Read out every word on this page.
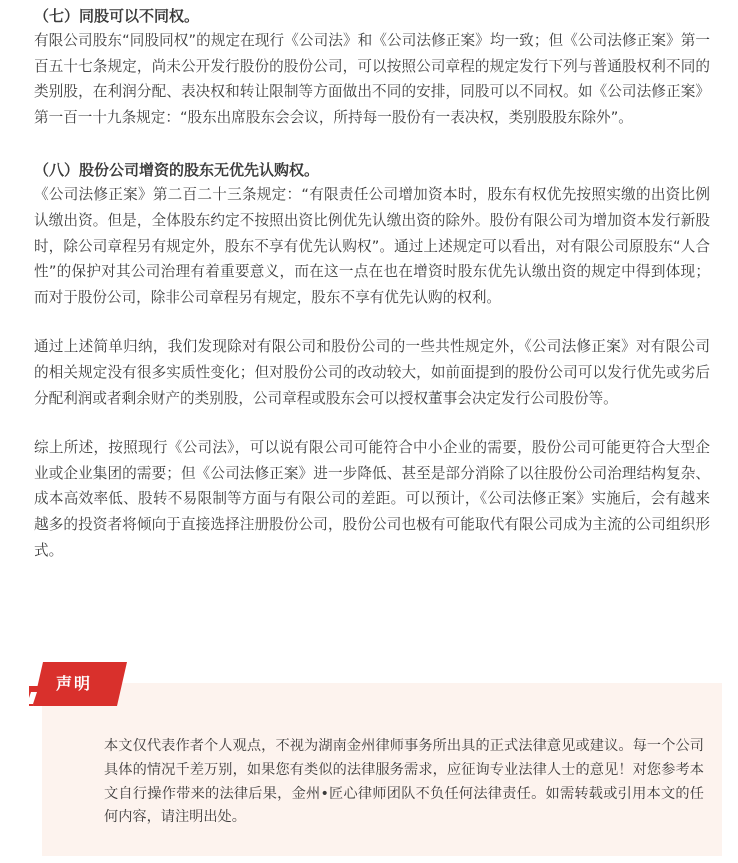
（七）同股可以不同权。

有限公司股东“同股同权”的规定在现行《公司法》和《公司法修正案》均一致；但《公司法修正案》第一百五十七条规定，尚未公开发行股份的股份公司，可以按照公司章程的规定发行下列与普通股权利不同的类别股，在利润分配、表决权和转让限制等方面做出不同的安排，同股可以不同权。如《公司法修正案》第一百一十九条规定：“股东出席股东会会议，所持每一股份有一表决权，类别股股东除外”。

（八）股份公司增资的股东无优先认购权。

《公司法修正案》第二百二十三条规定：“有限责任公司增加资本时，股东有权优先按照实缴的出资比例认缴出资。但是，全体股东约定不按照出资比例优先认缴出资的除外。股份有限公司为增加资本发行新股时，除公司章程另有规定外，股东不享有优先认购权”。通过上述规定可以看出，对有限公司原股东“人合性”的保护对其公司治理有着重要意义，而在这一点在也在增资时股东优先认缴出资的规定中得到体现；而对于股份公司，除非公司章程另有规定，股东不享有优先认购的权利。

通过上述简单归纳，我们发现除对有限公司和股份公司的一些共性规定外，《公司法修正案》对有限公司的相关规定没有很多实质性变化；但对股份公司的改动较大，如前面提到的股份公司可以发行优先或劣后分配利润或者剩余财产的类别股，公司章程或股东会可以授权董事会决定发行公司股份等。

综上所述，按照现行《公司法》，可以说有限公司可能符合中小企业的需要，股份公司可能更符合大型企业或企业集团的需要；但《公司法修正案》进一步降低、甚至是部分消除了以往股份公司治理结构复杂、成本高效率低、股转不易限制等方面与有限公司的差距。可以预计，《公司法修正案》实施后，会有越来越多的投资者将倾向于直接选择注册股份公司，股份公司也极有可能取代有限公司成为主流的公司组织形式。

声明
本文仅代表作者个人观点，不视为湖南金州律师事务所出具的正式法律意见或建议。每一个公司具体的情况千差万别，如果您有类似的法律服务需求，应征询专业法律人士的意见！对您参考本文自行操作带来的法律后果，金州•匠心律师团队不负任何法律责任。如需转载或引用本文的任何内容，请注明出处。
